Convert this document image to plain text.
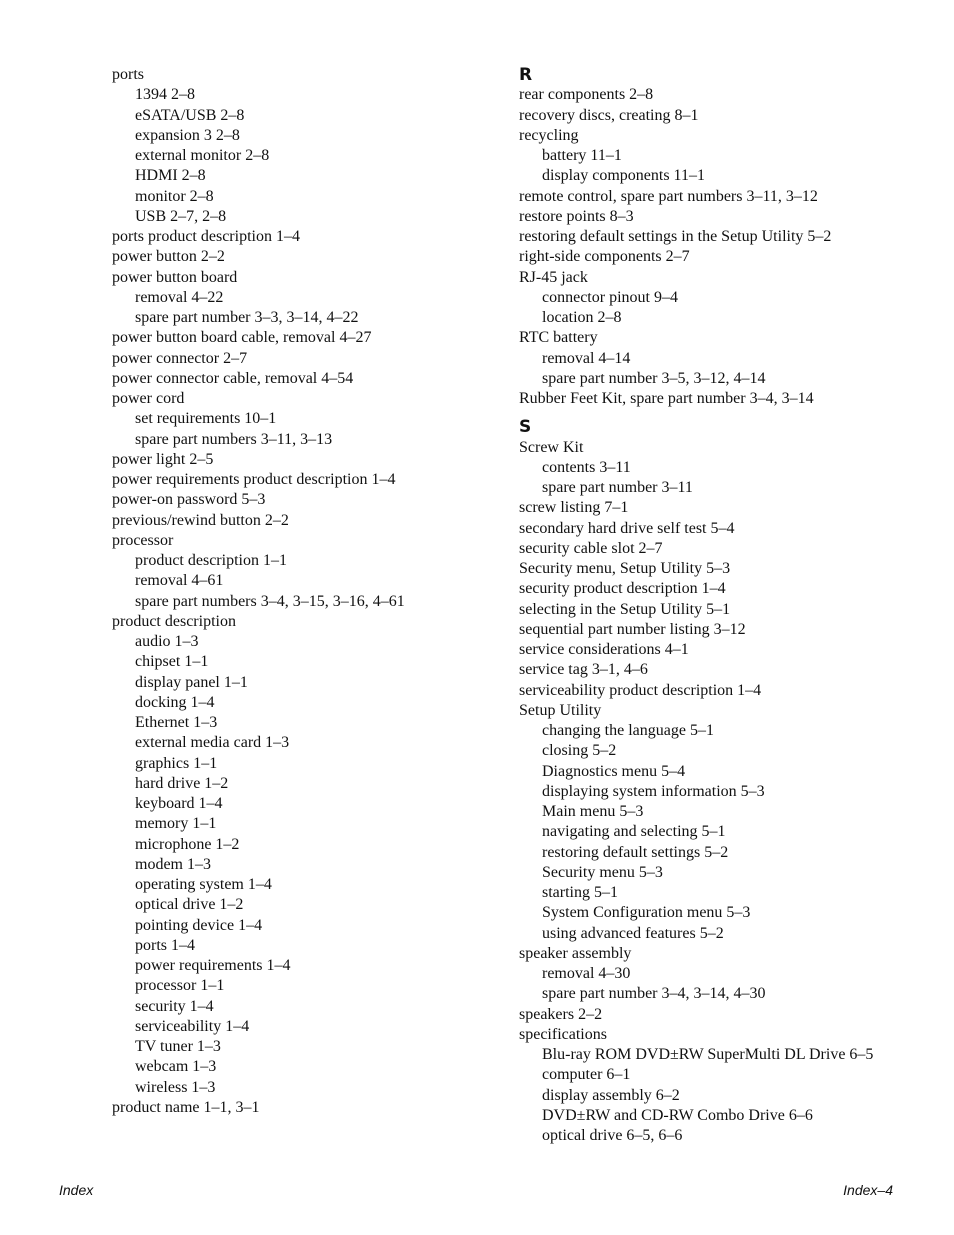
ports
1394 2–8
eSATA/USB 2–8
expansion 3 2–8
external monitor 2–8
HDMI 2–8
monitor 2–8
USB 2–7, 2–8
ports product description 1–4
power button 2–2
power button board
removal 4–22
spare part number 3–3, 3–14, 4–22
power button board cable, removal 4–27
power connector 2–7
power connector cable, removal 4–54
power cord
set requirements 10–1
spare part numbers 3–11, 3–13
power light 2–5
power requirements product description 1–4
power-on password 5–3
previous/rewind button 2–2
processor
product description 1–1
removal 4–61
spare part numbers 3–4, 3–15, 3–16, 4–61
product description
audio 1–3
chipset 1–1
display panel 1–1
docking 1–4
Ethernet 1–3
external media card 1–3
graphics 1–1
hard drive 1–2
keyboard 1–4
memory 1–1
microphone 1–2
modem 1–3
operating system 1–4
optical drive 1–2
pointing device 1–4
ports 1–4
power requirements 1–4
processor 1–1
security 1–4
serviceability 1–4
TV tuner 1–3
webcam 1–3
wireless 1–3
product name 1–1, 3–1
R
rear components 2–8
recovery discs, creating 8–1
recycling
battery 11–1
display components 11–1
remote control, spare part numbers 3–11, 3–12
restore points 8–3
restoring default settings in the Setup Utility 5–2
right-side components 2–7
RJ-45 jack
connector pinout 9–4
location 2–8
RTC battery
removal 4–14
spare part number 3–5, 3–12, 4–14
Rubber Feet Kit, spare part number 3–4, 3–14
S
Screw Kit
contents 3–11
spare part number 3–11
screw listing 7–1
secondary hard drive self test 5–4
security cable slot 2–7
Security menu, Setup Utility 5–3
security product description 1–4
selecting in the Setup Utility 5–1
sequential part number listing 3–12
service considerations 4–1
service tag 3–1, 4–6
serviceability product description 1–4
Setup Utility
changing the language 5–1
closing 5–2
Diagnostics menu 5–4
displaying system information 5–3
Main menu 5–3
navigating and selecting 5–1
restoring default settings 5–2
Security menu 5–3
starting 5–1
System Configuration menu 5–3
using advanced features 5–2
speaker assembly
removal 4–30
spare part number 3–4, 3–14, 4–30
speakers 2–2
specifications
Blu-ray ROM DVD±RW SuperMulti DL Drive 6–5
computer 6–1
display assembly 6–2
DVD±RW and CD-RW Combo Drive 6–6
optical drive 6–5, 6–6
Index	Index–4
